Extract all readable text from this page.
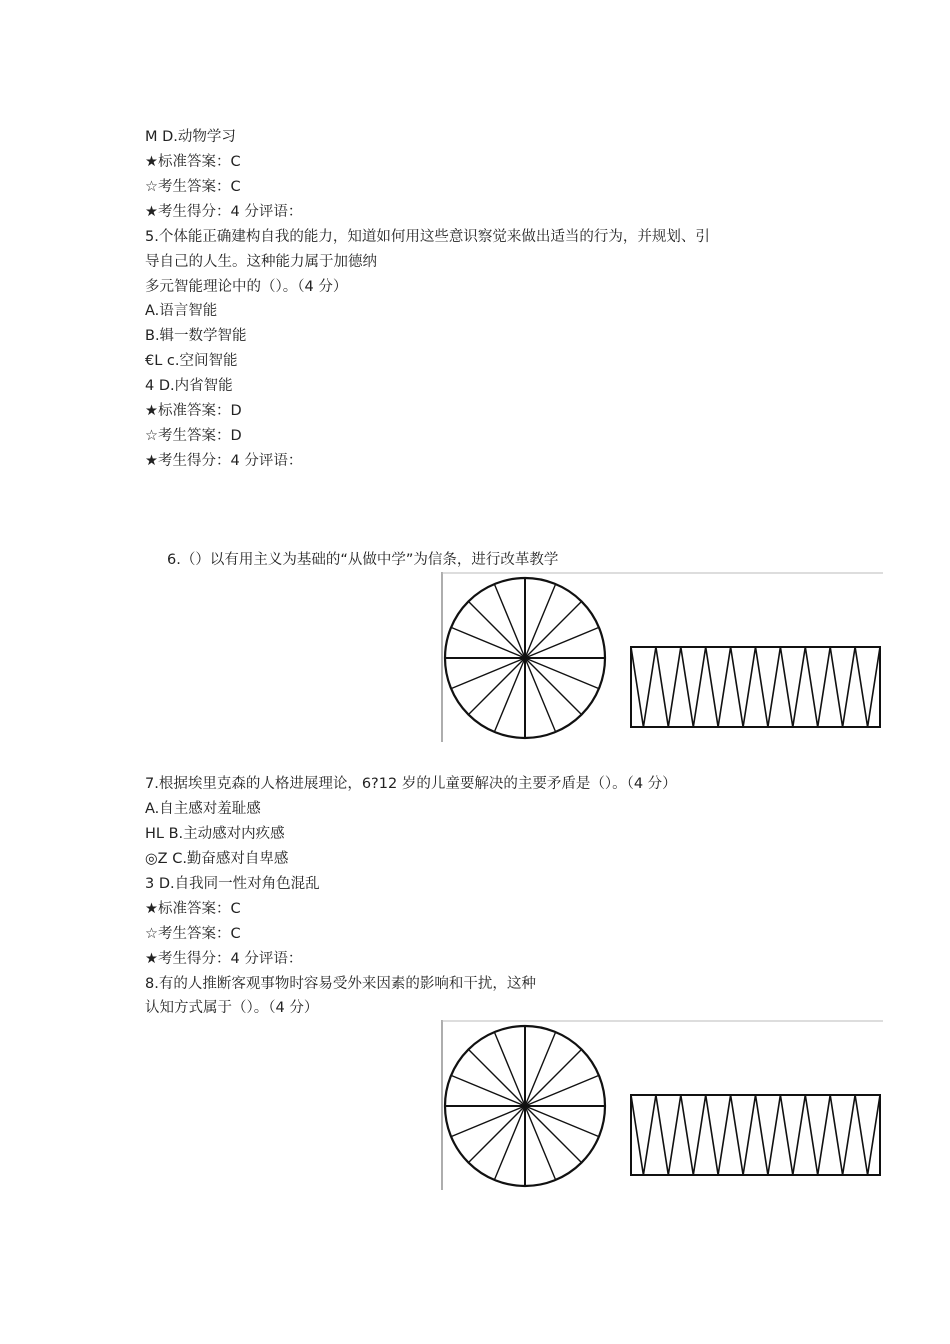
M D.动物学习
★标准答案：C
☆考生答案：C
★考生得分：4 分评语：
5.个体能正确建构自我的能力，知道如何用这些意识察觉来做出适当的行为，并规划、引
导自己的人生。这种能力属于加德纳
多元智能理论中的（）。（4 分）
A.语言智能
B.辑一数学智能
€L c.空间智能
4 D.内省智能
★标准答案：D
☆考生答案：D
★考生得分：4 分评语：
6.（）以有用主义为基础的“从做中学”为信条，进行改革教学
7.根据埃里克森的人格进展理论，6?12 岁的儿童要解决的主要矛盾是（）。（4 分）
A.自主感对羞耻感
HL B.主动感对内疚感
◎Z C.勤奋感对自卑感
3 D.自我同一性对角色混乱
★标准答案：C
☆考生答案：C
★考生得分：4 分评语：
8.有的人推断客观事物时容易受外来因素的影响和干扰，这种
认知方式属于（）。（4 分）
